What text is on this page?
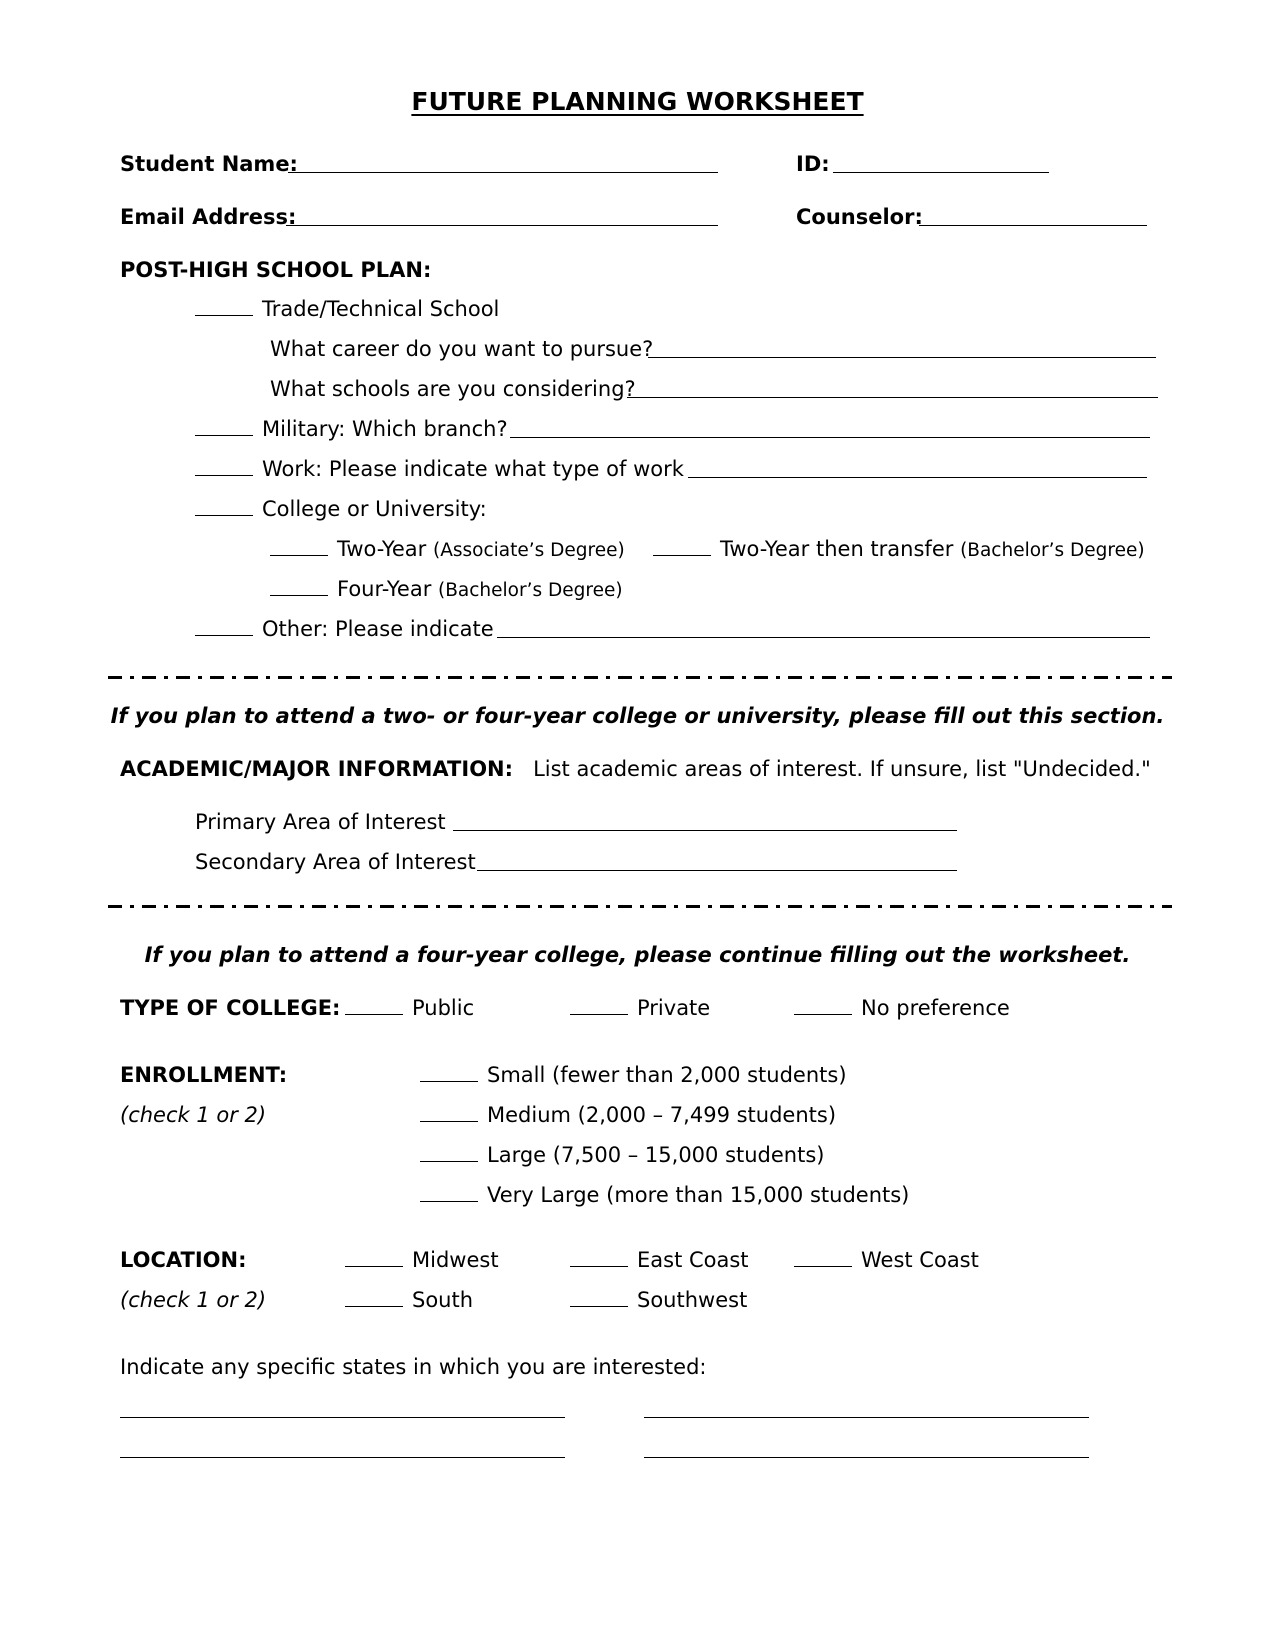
FUTURE PLANNING WORKSHEET
Student Name:	ID:
Email Address:	Counselor:
POST-HIGH SCHOOL PLAN:
Trade/Technical School
What career do you want to pursue?
What schools are you considering?
Military: Which branch?
Work: Please indicate what type of work
College or University:
Two-Year (Associate’s Degree)	Two-Year then transfer (Bachelor’s Degree)
Four-Year (Bachelor’s Degree)
Other: Please indicate
If you plan to attend a two- or four-year college or university, please fill out this section.
ACADEMIC/MAJOR INFORMATION: List academic areas of interest. If unsure, list "Undecided."
Primary Area of Interest
Secondary Area of Interest
If you plan to attend a four-year college, please continue filling out the worksheet.
TYPE OF COLLEGE:	Public	Private	No preference
ENROLLMENT:
(check 1 or 2)
Small (fewer than 2,000 students)
Medium (2,000 – 7,499 students)
Large (7,500 – 15,000 students)
Very Large (more than 15,000 students)
LOCATION:
(check 1 or 2)
Midwest	East Coast	West Coast
South	Southwest
Indicate any specific states in which you are interested:
